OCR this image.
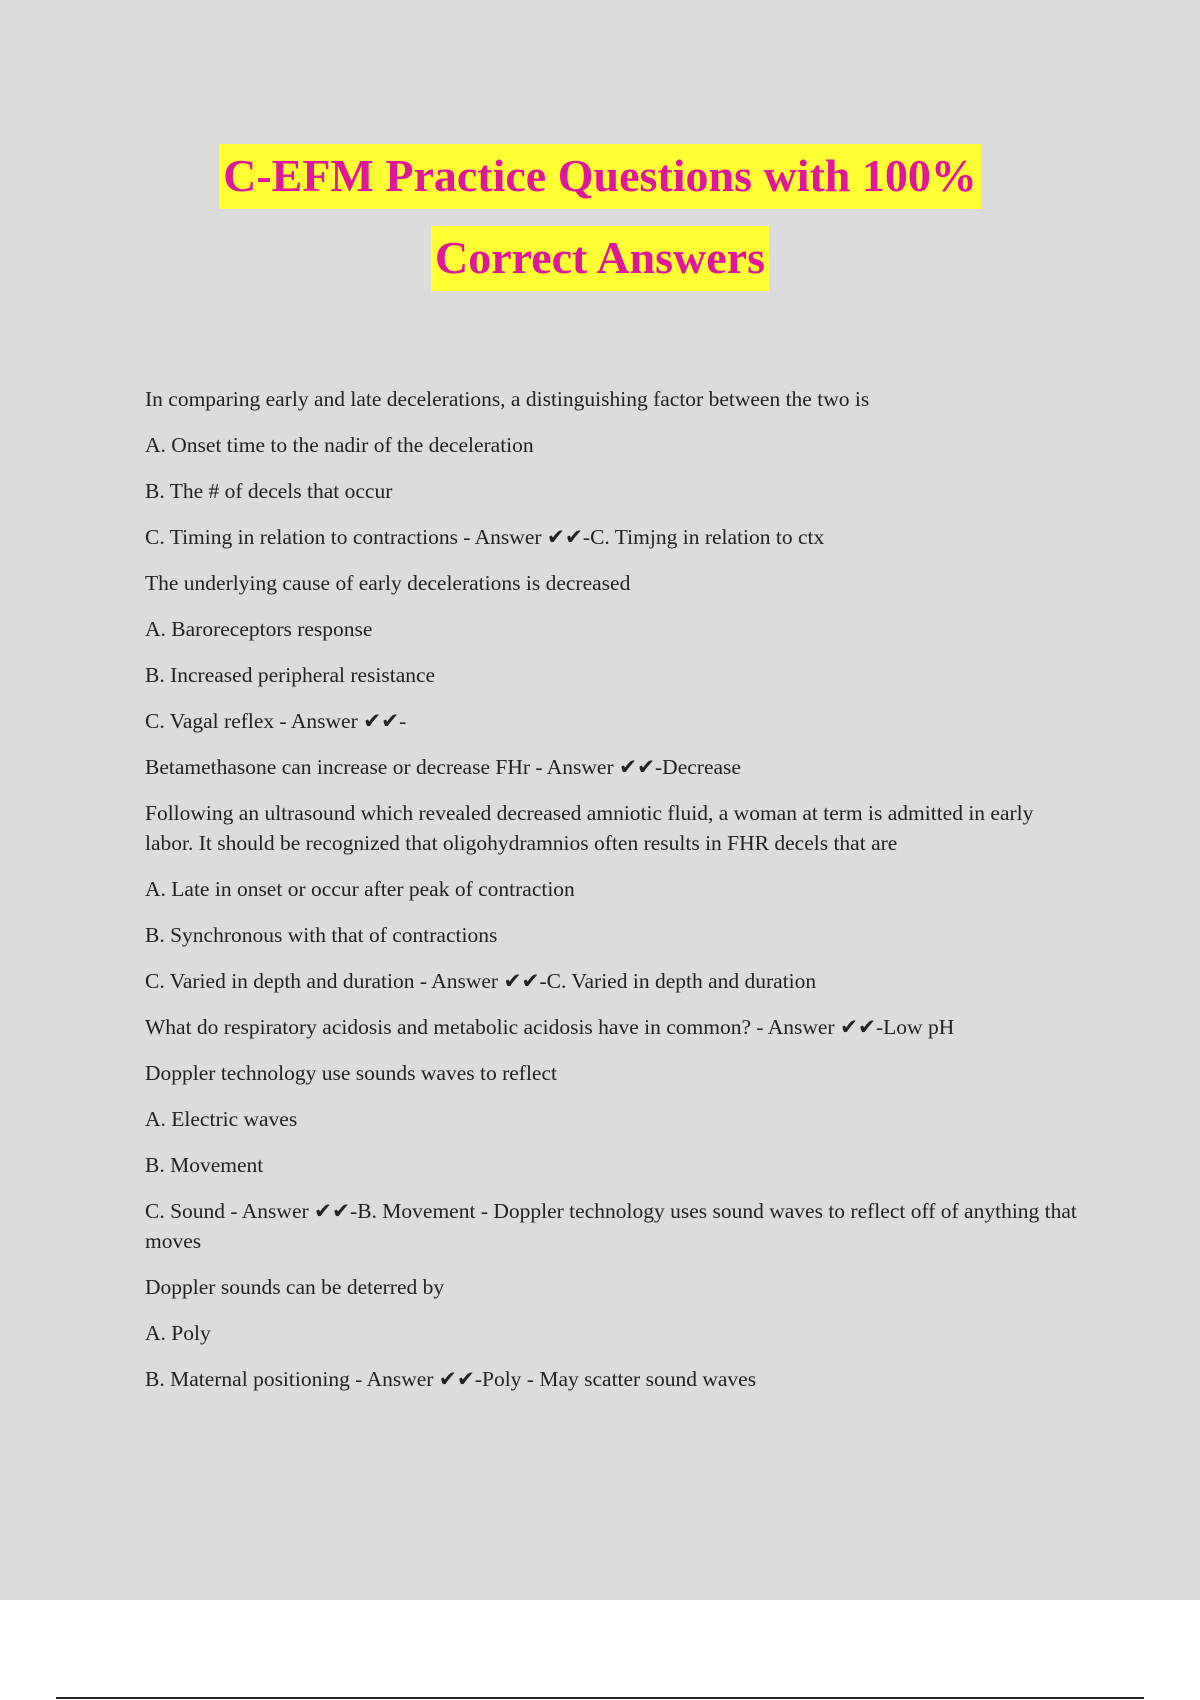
C-EFM Practice Questions with 100%
Correct Answers
In comparing early and late decelerations, a distinguishing factor between the two is
A. Onset time to the nadir of the deceleration
B. The # of decels that occur
C. Timing in relation to contractions - Answer ✔✔-C. Timjng in relation to ctx
The underlying cause of early decelerations is decreased
A. Baroreceptors response
B. Increased peripheral resistance
C. Vagal reflex - Answer ✔✔-
Betamethasone can increase or decrease FHr - Answer ✔✔-Decrease
Following an ultrasound which revealed decreased amniotic fluid, a woman at term is admitted in early labor. It should be recognized that oligohydramnios often results in FHR decels that are
A. Late in onset or occur after peak of contraction
B. Synchronous with that of contractions
C. Varied in depth and duration - Answer ✔✔-C. Varied in depth and duration
What do respiratory acidosis and metabolic acidosis have in common? - Answer ✔✔-Low pH
Doppler technology use sounds waves to reflect
A. Electric waves
B. Movement
C. Sound - Answer ✔✔-B. Movement - Doppler technology uses sound waves to reflect off of anything that moves
Doppler sounds can be deterred by
A. Poly
B. Maternal positioning - Answer ✔✔-Poly - May scatter sound waves
